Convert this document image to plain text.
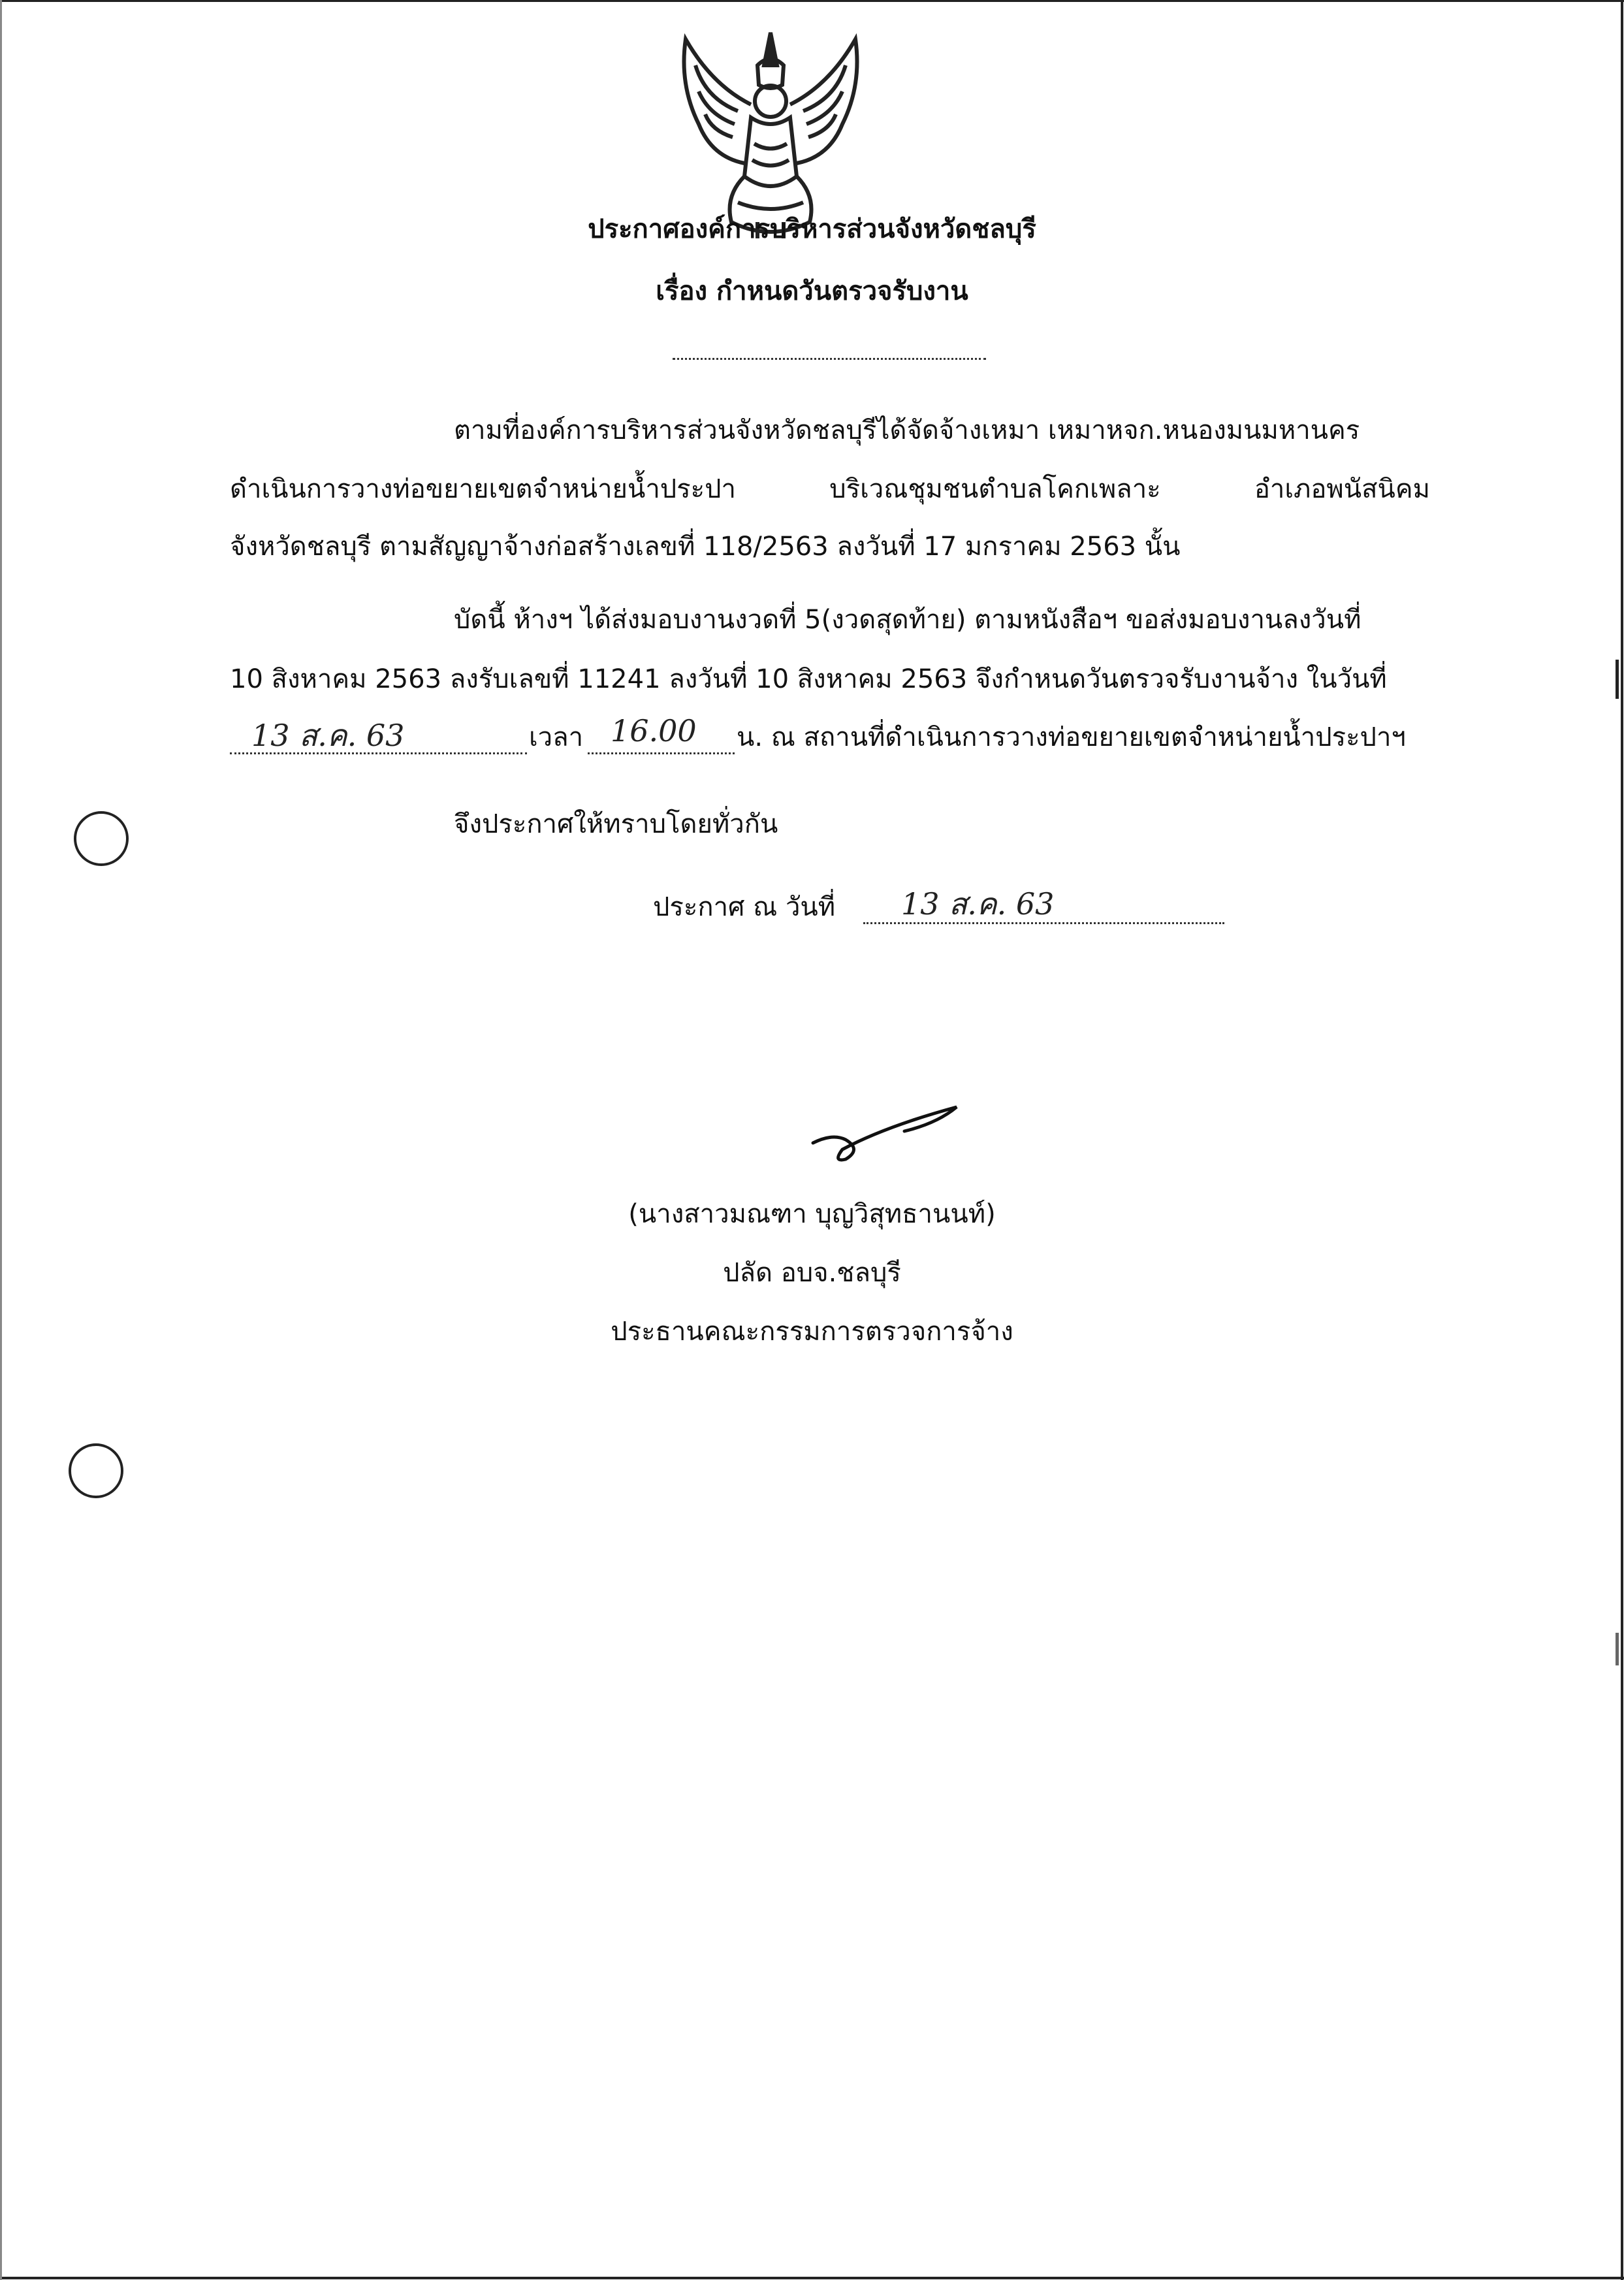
ประกาศองค์การบริหารส่วนจังหวัดชลบุรี
เรื่อง กำหนดวันตรวจรับงาน
ตามที่องค์การบริหารส่วนจังหวัดชลบุรีได้จัดจ้างเหมา เหมาหจก.หนองมนมหานคร
ดำเนินการวางท่อขยายเขตจำหน่ายน้ำประปา บริเวณชุมชนตำบลโคกเพลาะ อำเภอพนัสนิคม
จังหวัดชลบุรี ตามสัญญาจ้างก่อสร้างเลขที่ 118/2563 ลงวันที่ 17 มกราคม 2563 นั้น
บัดนี้ ห้างฯ ได้ส่งมอบงานงวดที่ 5(งวดสุดท้าย) ตามหนังสือฯ ขอส่งมอบงานลงวันที่
10 สิงหาคม 2563 ลงรับเลขที่ 11241 ลงวันที่ 10 สิงหาคม 2563 จึงกำหนดวันตรวจรับงานจ้าง ในวันที่
13 ส.ค. 63	เวลา 16.00 น. ณ สถานที่ดำเนินการวางท่อขยายเขตจำหน่ายน้ำประปาฯ
จึงประกาศให้ทราบโดยทั่วกัน
ประกาศ ณ วันที่ 13 ส.ค. 63
(นางสาวมณฑา บุญวิสุทธานนท์)
ปลัด อบจ.ชลบุรี
ประธานคณะกรรมการตรวจการจ้าง
